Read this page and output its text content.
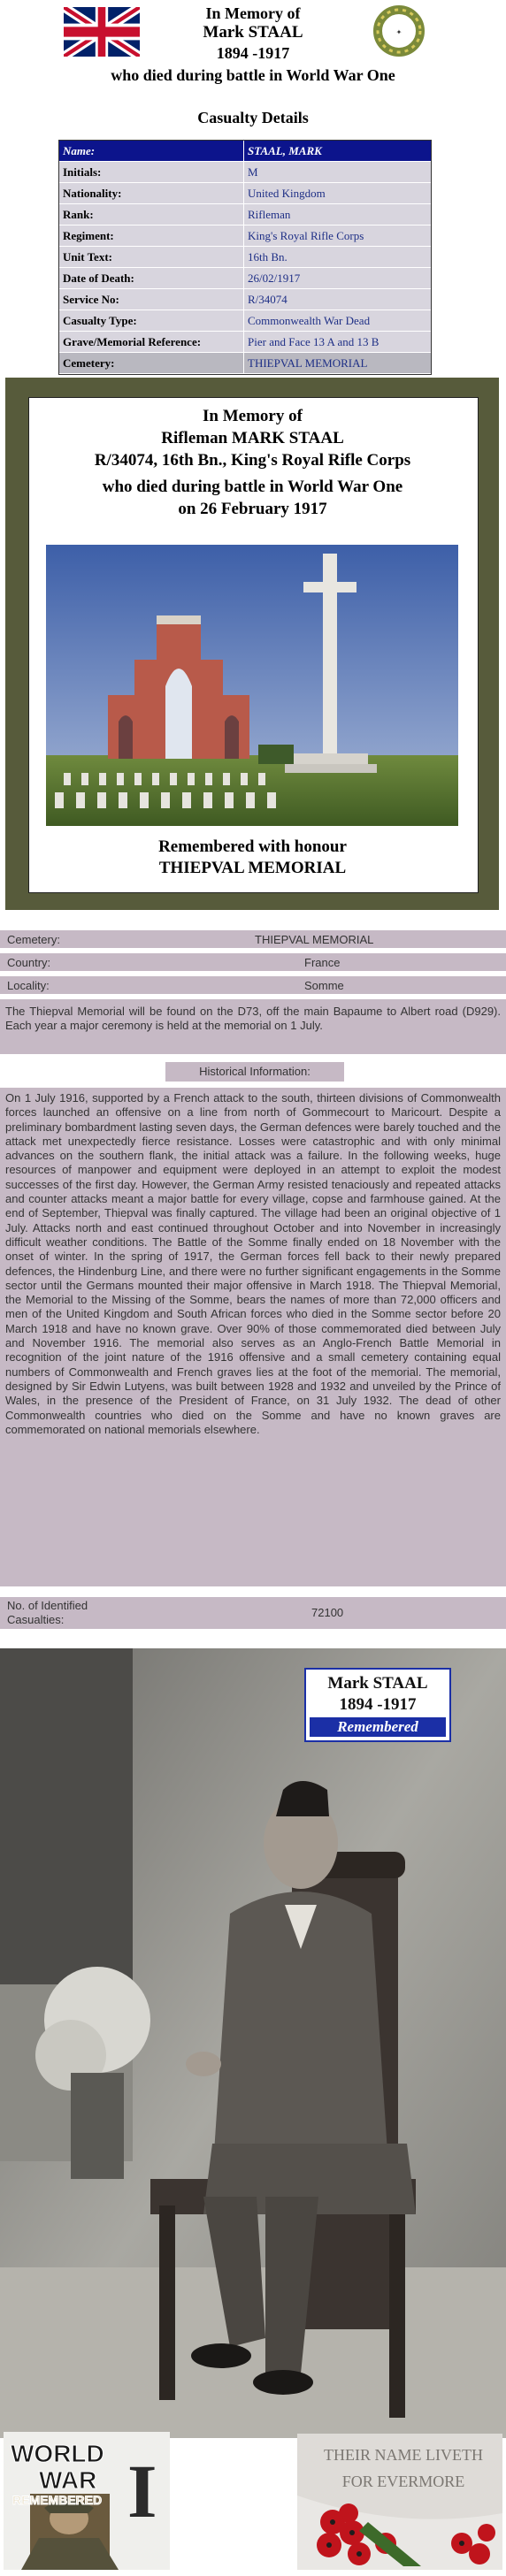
✦
In Memory of
Mark STAAL
1894 -1917
who died during battle in World War One
Casualty Details
Name:	STAAL, MARK
Initials:	M
Nationality:	United Kingdom
Rank:	Rifleman
Regiment:	King's Royal Rifle Corps
Unit Text:	16th Bn.
Date of Death:	26/02/1917
Service No:	R/34074
Casualty Type:	Commonwealth War Dead
Grave/Memorial Reference:	Pier and Face 13 A and 13 B
Cemetery:	THIEPVAL MEMORIAL
In Memory of
Rifleman MARK STAAL
R/34074, 16th Bn., King's Royal Rifle Corps
who died during battle in World War One
on 26 February 1917
Remembered with honour
THIEPVAL MEMORIAL
Cemetery:	THIEPVAL MEMORIAL
Country:	France
Locality:	Somme
The Thiepval Memorial will be found on the D73, off the main Bapaume to Albert road (D929). Each year a major ceremony is held at the memorial on 1 July.
Historical Information:
On 1 July 1916, supported by a French attack to the south, thirteen divisions of Commonwealth forces launched an offensive on a line from north of Gommecourt to Maricourt. Despite a preliminary bombardment lasting seven days, the German defences were barely touched and the attack met unexpectedly fierce resistance. Losses were catastrophic and with only minimal advances on the southern flank, the initial attack was a failure. In the following weeks, huge resources of manpower and equipment were deployed in an attempt to exploit the modest successes of the first day. However, the German Army resisted tenaciously and repeated attacks and counter attacks meant a major battle for every village, copse and farmhouse gained. At the end of September, Thiepval was finally captured. The village had been an original objective of 1 July. Attacks north and east continued throughout October and into November in increasingly difficult weather conditions. The Battle of the Somme finally ended on 18 November with the onset of winter. In the spring of 1917, the German forces fell back to their newly prepared defences, the Hindenburg Line, and there were no further significant engagements in the Somme sector until the Germans mounted their major offensive in March 1918. The Thiepval Memorial, the Memorial to the Missing of the Somme, bears the names of more than 72,000 officers and men of the United Kingdom and South African forces who died in the Somme sector before 20 March 1918 and have no known grave. Over 90% of those commemorated died between July and November 1916. The memorial also serves as an Anglo-French Battle Memorial in recognition of the joint nature of the 1916 offensive and a small cemetery containing equal numbers of Commonwealth and French graves lies at the foot of the memorial. The memorial, designed by Sir Edwin Lutyens, was built between 1928 and 1932 and unveiled by the Prince of Wales, in the presence of the President of France, on 31 July 1932. The dead of other Commonwealth countries who died on the Somme and have no known graves are commemorated on national memorials elsewhere.
No. of Identified Casualties:
72100
Mark STAAL
1894 -1917
Remembered
WORLD
WAR
REMEMBERED I	THEIR NAME LIVETH
FOR EVERMORE
